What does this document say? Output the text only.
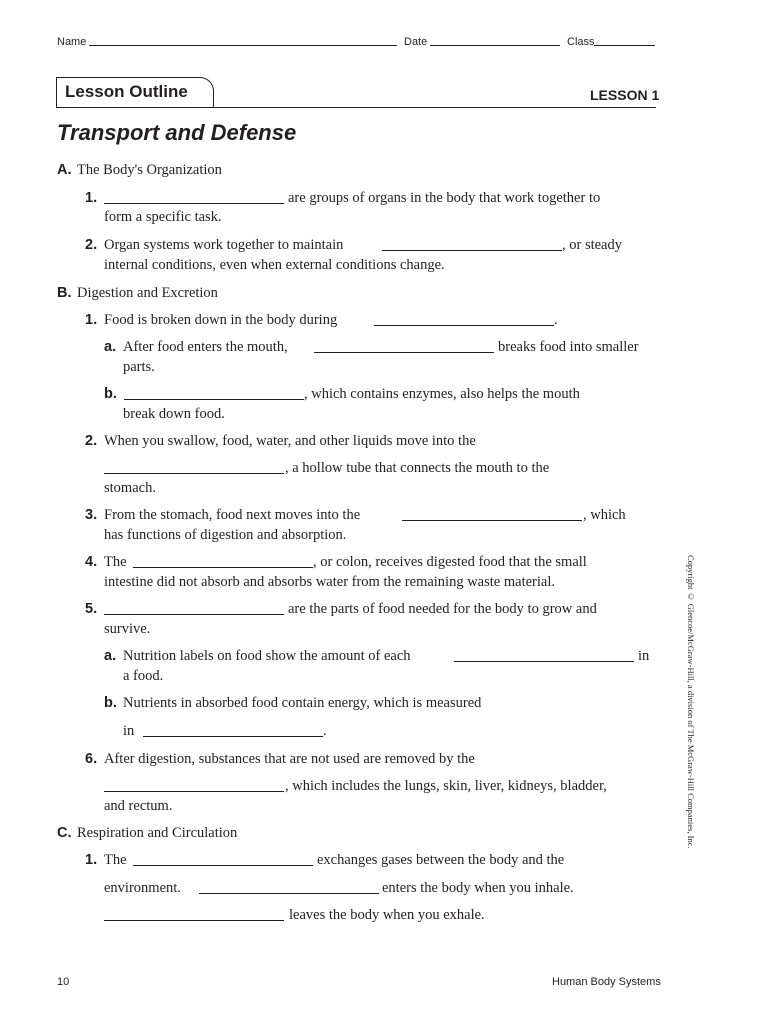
Name	Date	Class
Lesson Outline	LESSON 1
Transport and Defense
A. The Body's Organization
1.	are groups of organs in the body that work together to
form a specific task.
2. Organ systems work together to maintain	, or steady
internal conditions, even when external conditions change.
B. Digestion and Excretion
1. Food is broken down in the body during	.
a. After food enters the mouth,	breaks food into smaller
parts.
b.	, which contains enzymes, also helps the mouth
break down food.
2. When you swallow, food, water, and other liquids move into the
, a hollow tube that connects the mouth to the
stomach.
3. From the stomach, food next moves into the	, which
has functions of digestion and absorption.
4. The	, or colon, receives digested food that the small
intestine did not absorb and absorbs water from the remaining waste material.
5.	are the parts of food needed for the body to grow and
survive.
a. Nutrition labels on food show the amount of each	in
a food.
b. Nutrients in absorbed food contain energy, which is measured
in	.
6. After digestion, substances that are not used are removed by the
, which includes the lungs, skin, liver, kidneys, bladder,
and rectum.
C. Respiration and Circulation
1. The	exchanges gases between the body and the
environment.	enters the body when you inhale.
leaves the body when you exhale.
Copyright © Glencoe/McGraw-Hill, a division of The McGraw-Hill Companies, Inc.
10	Human Body Systems
